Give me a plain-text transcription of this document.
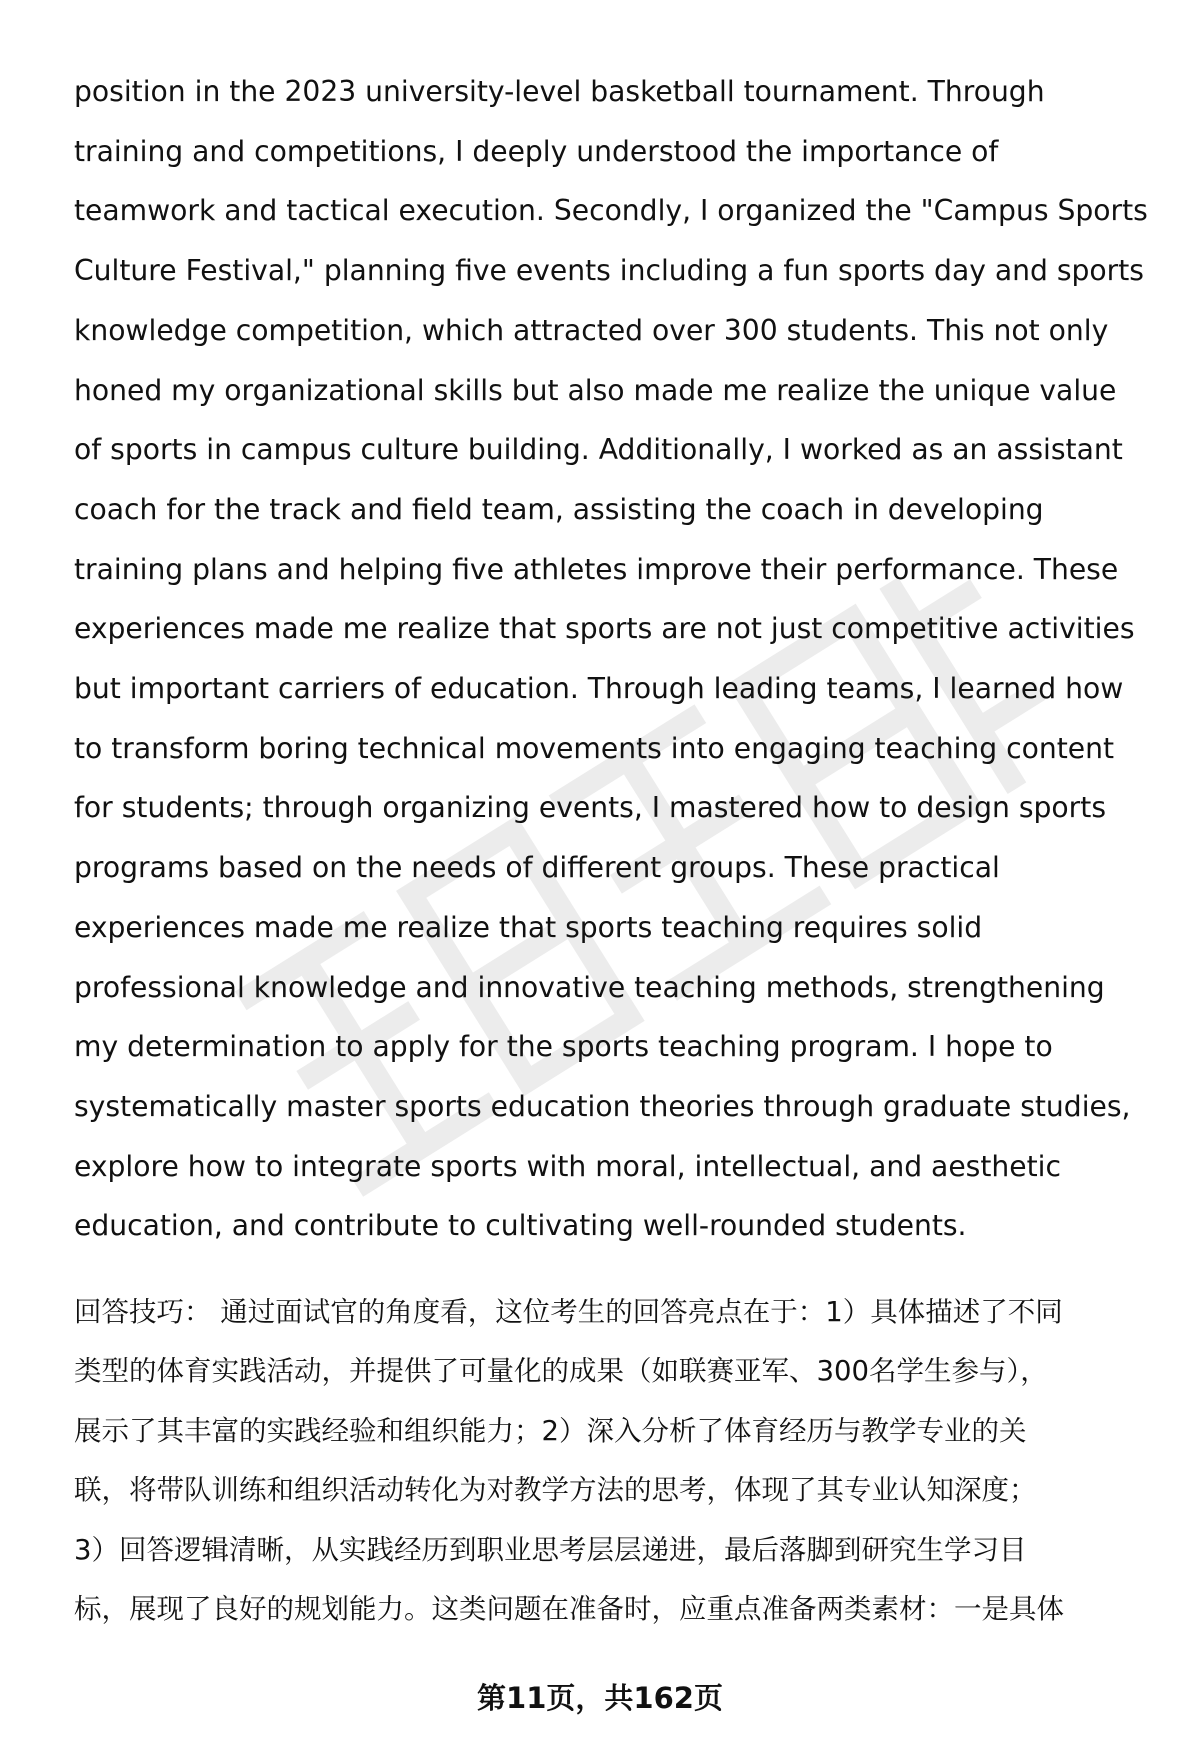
position in the 2023 university-level basketball tournament. Through
training and competitions, I deeply understood the importance of
teamwork and tactical execution. Secondly, I organized the "Campus Sports
Culture Festival," planning five events including a fun sports day and sports
knowledge competition, which attracted over 300 students. This not only
honed my organizational skills but also made me realize the unique value
of sports in campus culture building. Additionally, I worked as an assistant
coach for the track and field team, assisting the coach in developing
training plans and helping five athletes improve their performance. These
experiences made me realize that sports are not just competitive activities
but important carriers of education. Through leading teams, I learned how
to transform boring technical movements into engaging teaching content
for students; through organizing events, I mastered how to design sports
programs based on the needs of different groups. These practical
experiences made me realize that sports teaching requires solid
professional knowledge and innovative teaching methods, strengthening
my determination to apply for the sports teaching program. I hope to
systematically master sports education theories through graduate studies,
explore how to integrate sports with moral, intellectual, and aesthetic
education, and contribute to cultivating well-rounded students.
回答技巧： 通过面试官的角度看，这位考生的回答亮点在于：1）具体描述了不同
类型的体育实践活动，并提供了可量化的成果（如联赛亚军、300名学生参与），
展示了其丰富的实践经验和组织能力；2）深入分析了体育经历与教学专业的关
联，将带队训练和组织活动转化为对教学方法的思考，体现了其专业认知深度；
3）回答逻辑清晰，从实践经历到职业思考层层递进，最后落脚到研究生学习目
标，展现了良好的规划能力。这类问题在准备时，应重点准备两类素材：一是具体
第11页，共162页
